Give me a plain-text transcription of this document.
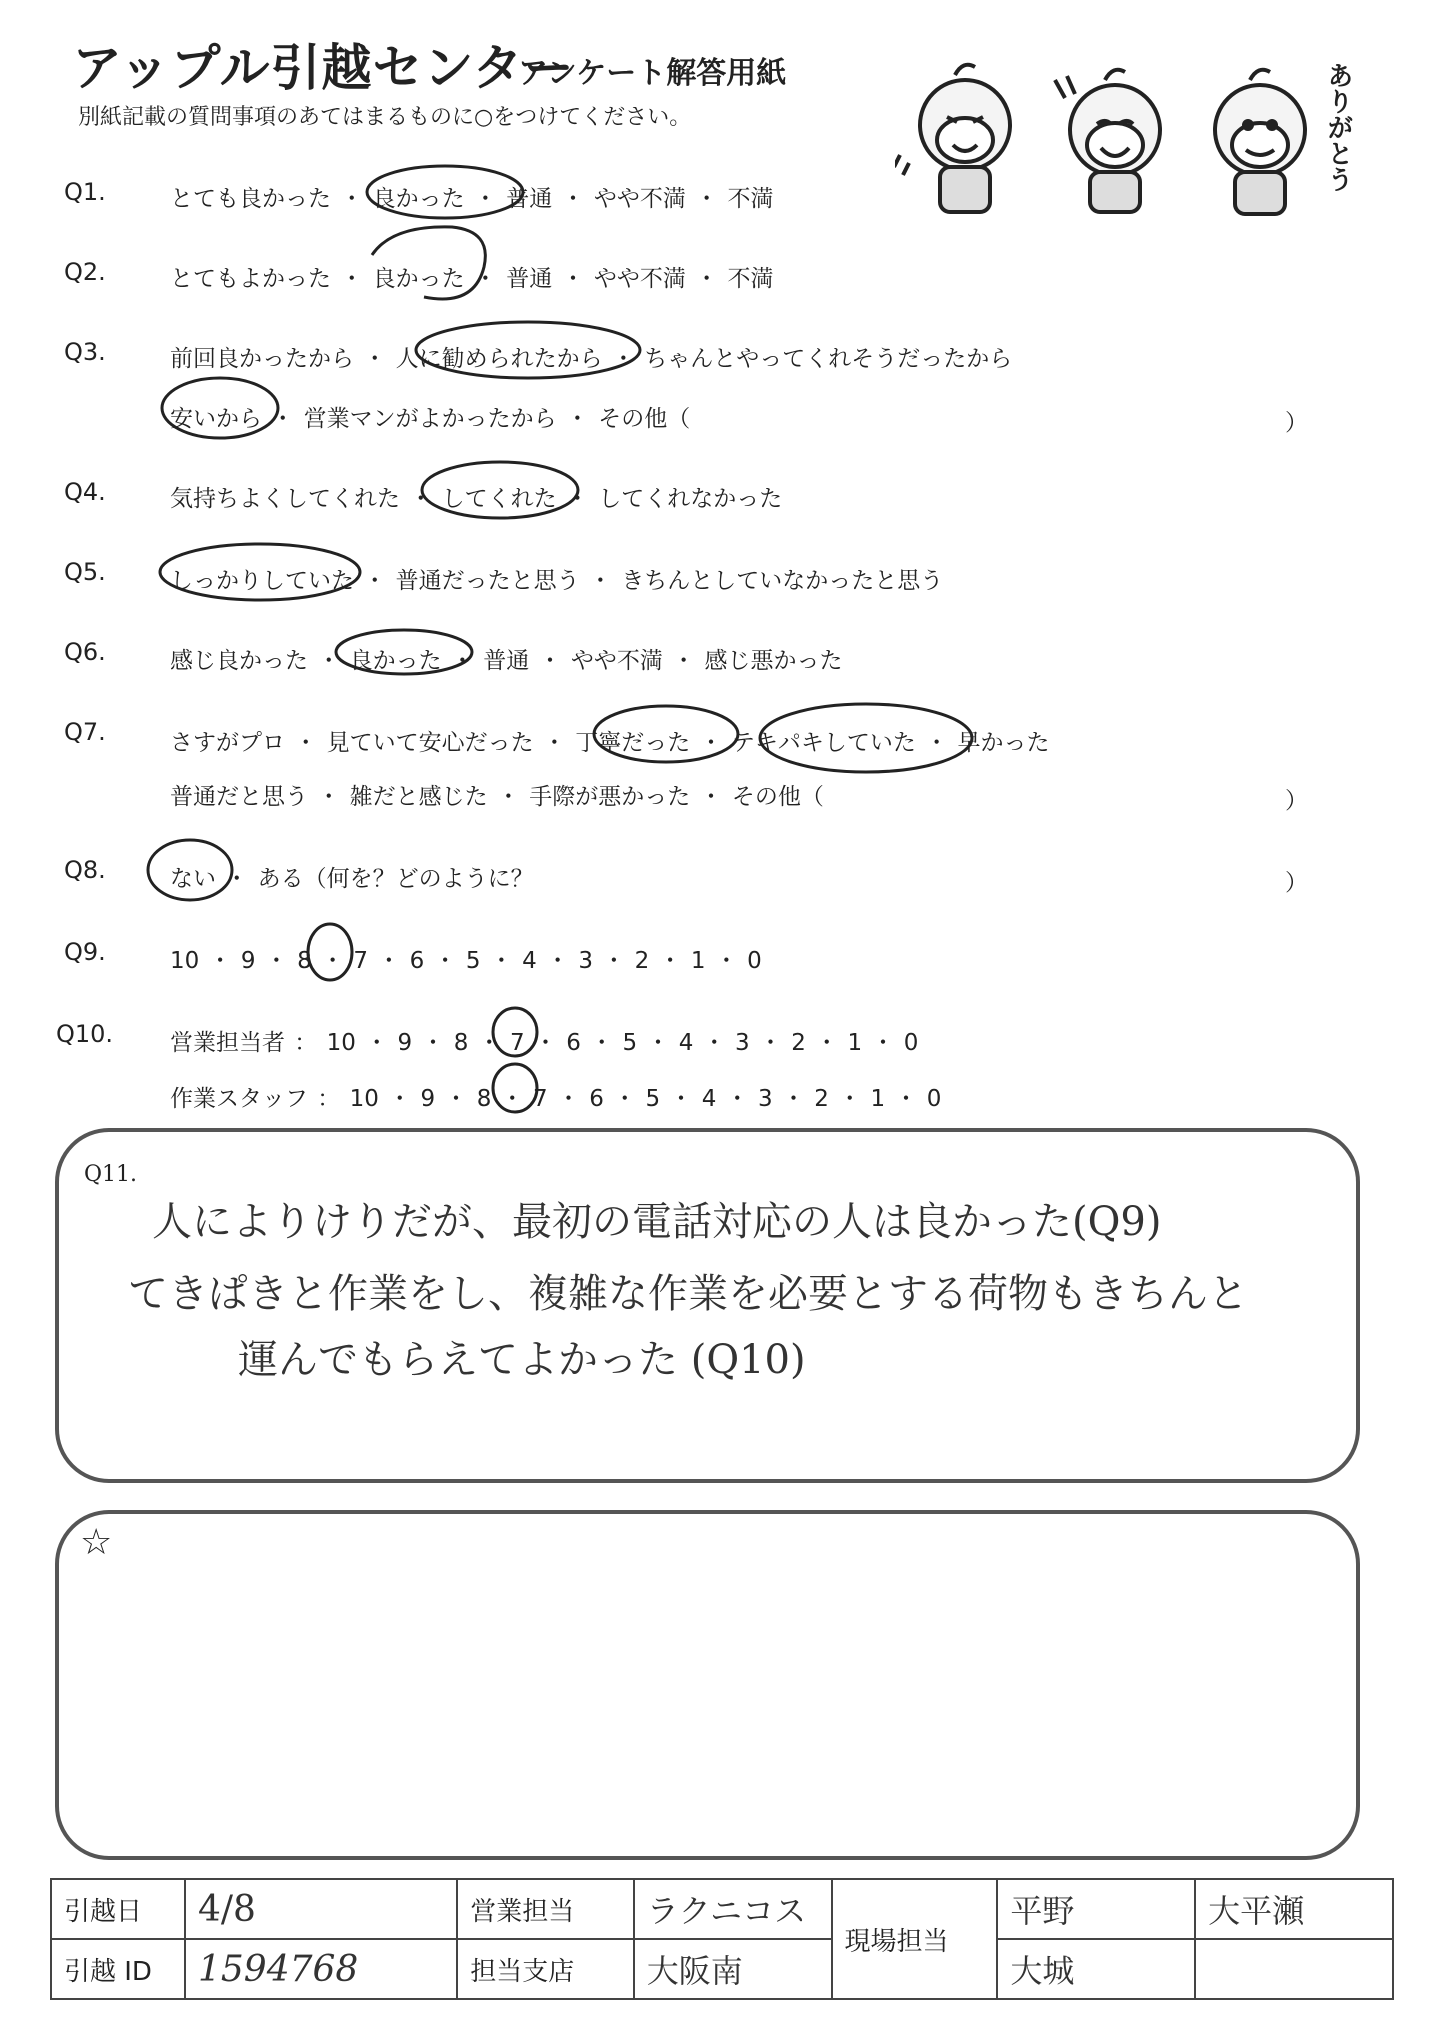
アップル引越センター
アンケート解答用紙
別紙記載の質問事項のあてはまるものに○をつけてください。	ありがとう
Q1.	とても良かった ・ 良かった ・ 普通 ・ やや不満 ・ 不満
Q2.	とてもよかった ・ 良かった ・ 普通 ・ やや不満 ・ 不満
Q3.	前回良かったから ・ 人に勧められたから ・ ちゃんとやってくれそうだったから
安いから ・ 営業マンがよかったから ・ その他（	）
Q4.	気持ちよくしてくれた ・ してくれた ・ してくれなかった
Q5.	しっかりしていた ・ 普通だったと思う ・ きちんとしていなかったと思う
Q6.	感じ良かった ・ 良かった ・ 普通 ・ やや不満 ・ 感じ悪かった
Q7.	さすがプロ ・ 見ていて安心だった ・ 丁寧だった ・ テキパキしていた ・ 早かった
普通だと思う ・ 雑だと感じた ・ 手際が悪かった ・ その他（	）
Q8.	ない ・ ある（何を？どのように？	）
Q9.	10 ・ 9 ・ 8 ・ 7 ・ 6 ・ 5 ・ 4 ・ 3 ・ 2 ・ 1 ・ 0
Q10. 営業担当者 ： 10 ・ 9 ・ 8 ・ 7 ・ 6 ・ 5 ・ 4 ・ 3 ・ 2 ・ 1 ・ 0
作業スタッフ ： 10 ・ 9 ・ 8 ・ 7 ・ 6 ・ 5 ・ 4 ・ 3 ・ 2 ・ 1 ・ 0
Q11.
人によりけりだが、最初の電話対応の人は良かった(Q9)
てきぱきと作業をし、複雑な作業を必要とする荷物もきちんと
運んでもらえてよかった (Q10)
☆
引越日	4/8	営業担当	ラクニコス	現場担当	平野	大平瀬
引越 ID	1594768	担当支店	大阪南		大城	
